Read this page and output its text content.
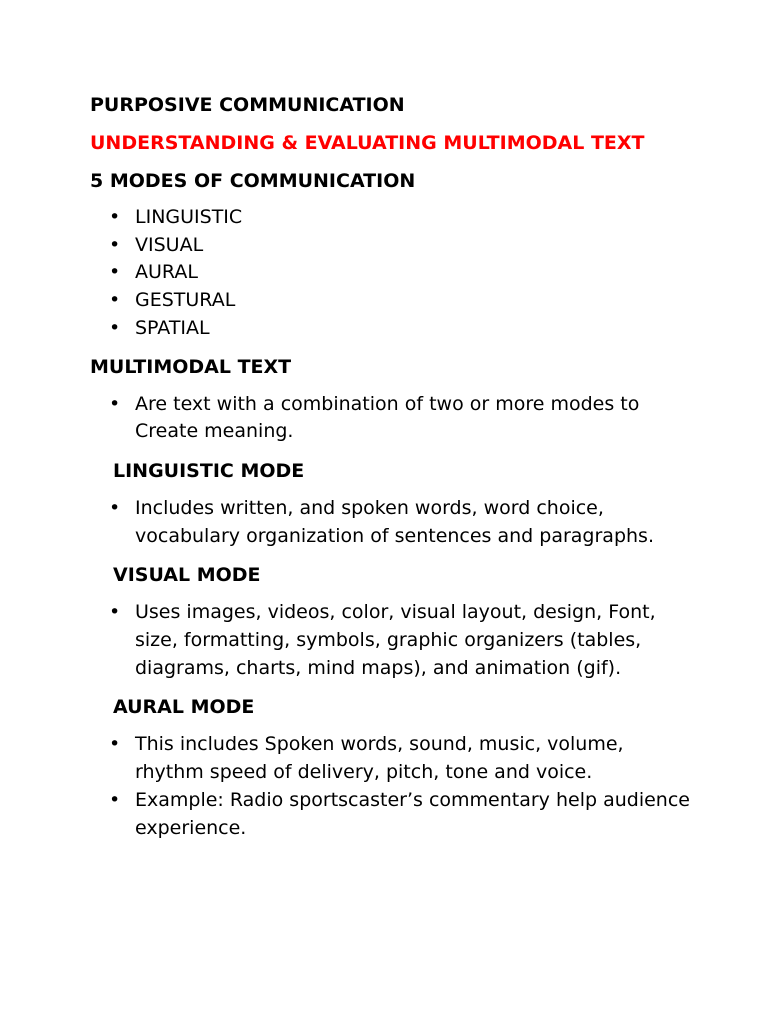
PURPOSIVE COMMUNICATION
UNDERSTANDING & EVALUATING MULTIMODAL TEXT
5 MODES OF COMMUNICATION
• LINGUISTIC
• VISUAL
• AURAL
• GESTURAL
• SPATIAL
MULTIMODAL TEXT
• Are text with a combination of two or more modes to Create meaning.
LINGUISTIC MODE
• Includes written, and spoken words, word choice, vocabulary organization of sentences and paragraphs.
VISUAL MODE
• Uses images, videos, color, visual layout, design, Font, size, formatting, symbols, graphic organizers (tables, diagrams, charts, mind maps), and animation (gif).
AURAL MODE
• This includes Spoken words, sound, music, volume, rhythm speed of delivery, pitch, tone and voice.
• Example: Radio sportscaster’s commentary help audience experience.
